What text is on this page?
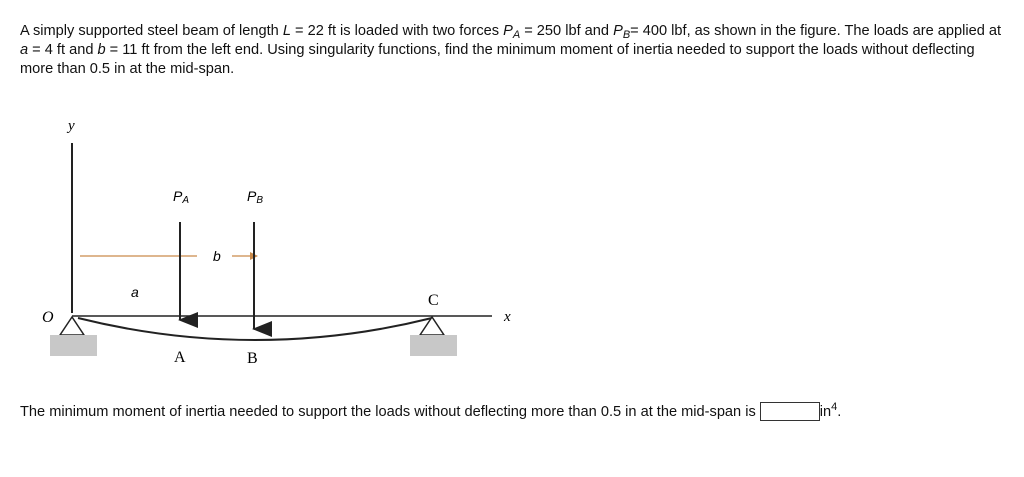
A simply supported steel beam of length L = 22 ft is loaded with two forces $P_A = 250$ lbf and $P_B= 400$ lbf, as shown in the figure. The loads are applied at a = 4 ft and b = 11 ft from the left end. Using singularity functions, find the minimum moment of inertia needed to support the loads without deflecting more than 0.5 in at the mid-span.
y
x
O
a
b
PA	PB
A	B
C
The minimum moment of inertia needed to support the loads without deflecting more than 0.5 in at the mid-span is	$in^4$.
